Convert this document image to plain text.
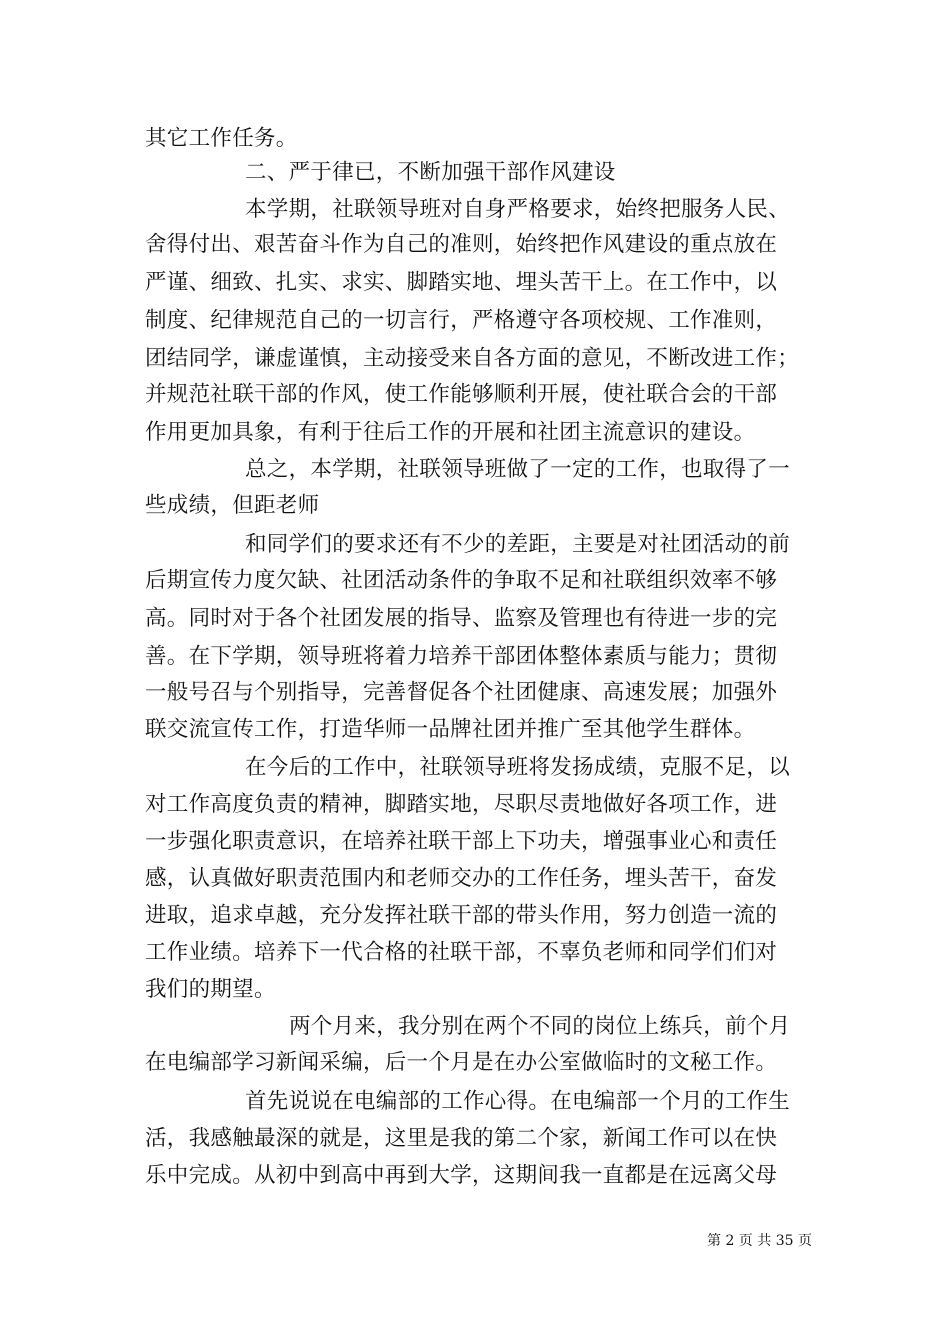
其它工作任务。
二、严于律已，不断加强干部作风建设
本学期，社联领导班对自身严格要求，始终把服务人民、
舍得付出、艰苦奋斗作为自己的准则，始终把作风建设的重点放在
严谨、细致、扎实、求实、脚踏实地、埋头苦干上。在工作中，以
制度、纪律规范自己的一切言行，严格遵守各项校规、工作准则，
团结同学，谦虚谨慎，主动接受来自各方面的意见，不断改进工作；
并规范社联干部的作风，使工作能够顺利开展，使社联合会的干部
作用更加具象，有利于往后工作的开展和社团主流意识的建设。
总之，本学期，社联领导班做了一定的工作，也取得了一
些成绩，但距老师
和同学们的要求还有不少的差距，主要是对社团活动的前
后期宣传力度欠缺、社团活动条件的争取不足和社联组织效率不够
高。同时对于各个社团发展的指导、监察及管理也有待进一步的完
善。在下学期，领导班将着力培养干部团体整体素质与能力；贯彻
一般号召与个别指导，完善督促各个社团健康、高速发展；加强外
联交流宣传工作，打造华师一品牌社团并推广至其他学生群体。
在今后的工作中，社联领导班将发扬成绩，克服不足，以
对工作高度负责的精神，脚踏实地，尽职尽责地做好各项工作，进
一步强化职责意识，在培养社联干部上下功夫，增强事业心和责任
感，认真做好职责范围内和老师交办的工作任务，埋头苦干，奋发
进取，追求卓越，充分发挥社联干部的带头作用，努力创造一流的
工作业绩。培养下一代合格的社联干部，不辜负老师和同学们们对
我们的期望。
两个月来，我分别在两个不同的岗位上练兵，前个月
在电编部学习新闻采编，后一个月是在办公室做临时的文秘工作。
首先说说在电编部的工作心得。在电编部一个月的工作生
活，我感触最深的就是，这里是我的第二个家，新闻工作可以在快
乐中完成。从初中到高中再到大学，这期间我一直都是在远离父母
第 2 页 共 35 页
